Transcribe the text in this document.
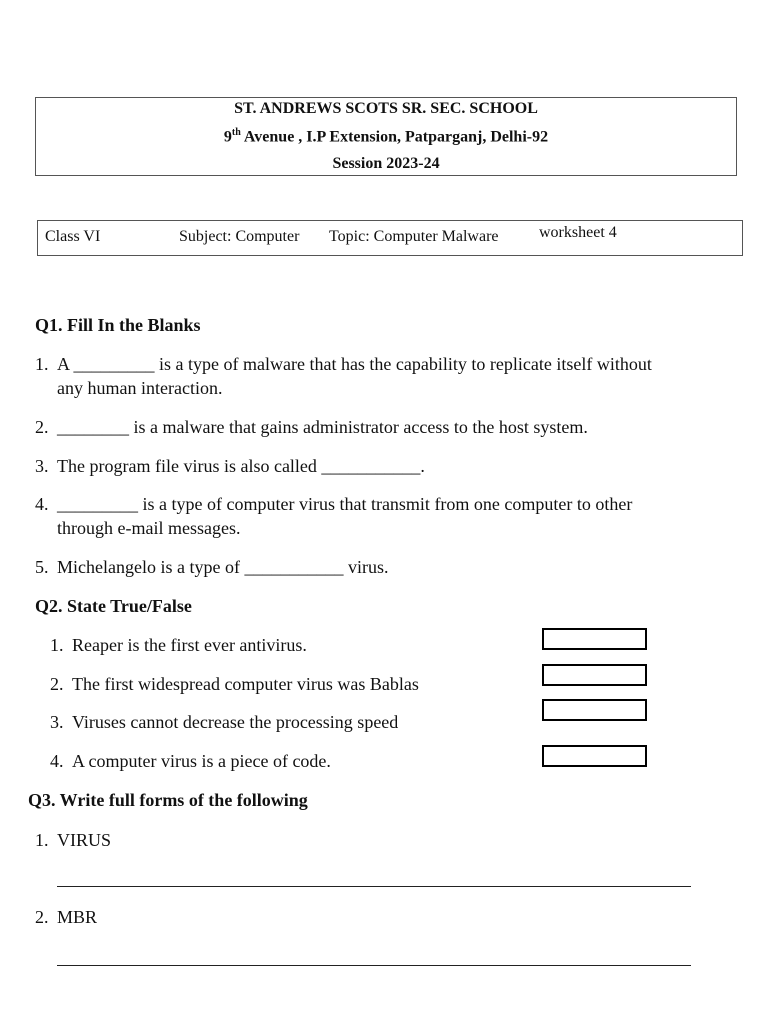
ST. ANDREWS SCOTS SR. SEC. SCHOOL
9th Avenue , I.P Extension, Patparganj, Delhi-92
Session 2023-24
Class VI	Subject: Computer Topic: Computer Malware	worksheet 4
Q1. Fill In the Blanks
1. A _________ is a type of malware that has the capability to replicate itself without
any human interaction.
2. ________ is a malware that gains administrator access to the host system.
3. The program file virus is also called ___________.
4. _________ is a type of computer virus that transmit from one computer to other
through e-mail messages.
5. Michelangelo is a type of ___________ virus.
Q2. State True/False
1. Reaper is the first ever antivirus.
2. The first widespread computer virus was Bablas
3. Viruses cannot decrease the processing speed
4. A computer virus is a piece of code.
Q3. Write full forms of the following
1. VIRUS
2. MBR
